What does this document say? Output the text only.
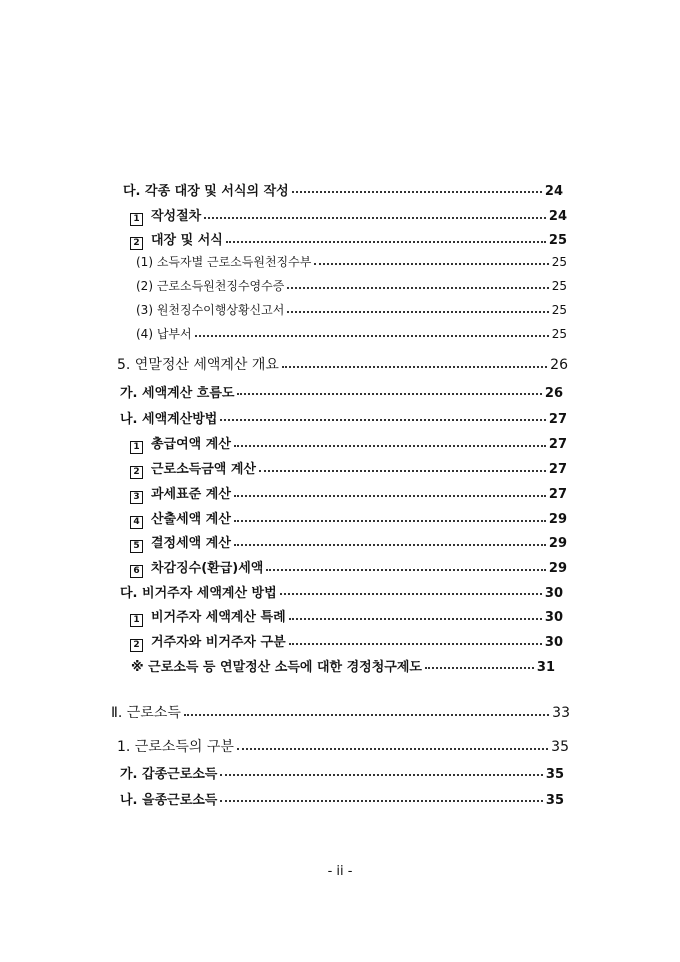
다. 각종 대장 및 서식의 작성	24
1 작성절차	24
2 대장 및 서식	25
(1) 소득자별 근로소득원천징수부	25
(2) 근로소득원천징수영수증	25
(3) 원천징수이행상황신고서	25
(4) 납부서	25
5. 연말정산 세액계산 개요	26
가. 세액계산 흐름도	26
나. 세액계산방법	27
1 총급여액 계산	27
2 근로소득금액 계산	27
3 과세표준 계산	27
4 산출세액 계산	29
5 결정세액 계산	29
6 차감징수(환급)세액	29
다. 비거주자 세액계산 방법	30
1 비거주자 세액계산 특례	30
2 거주자와 비거주자 구분	30
※ 근로소득 등 연말정산 소득에 대한 경정청구제도	31
Ⅱ. 근로소득	33
1. 근로소득의 구분	35
가. 갑종근로소득	35
나. 을종근로소득	35
- ii -
